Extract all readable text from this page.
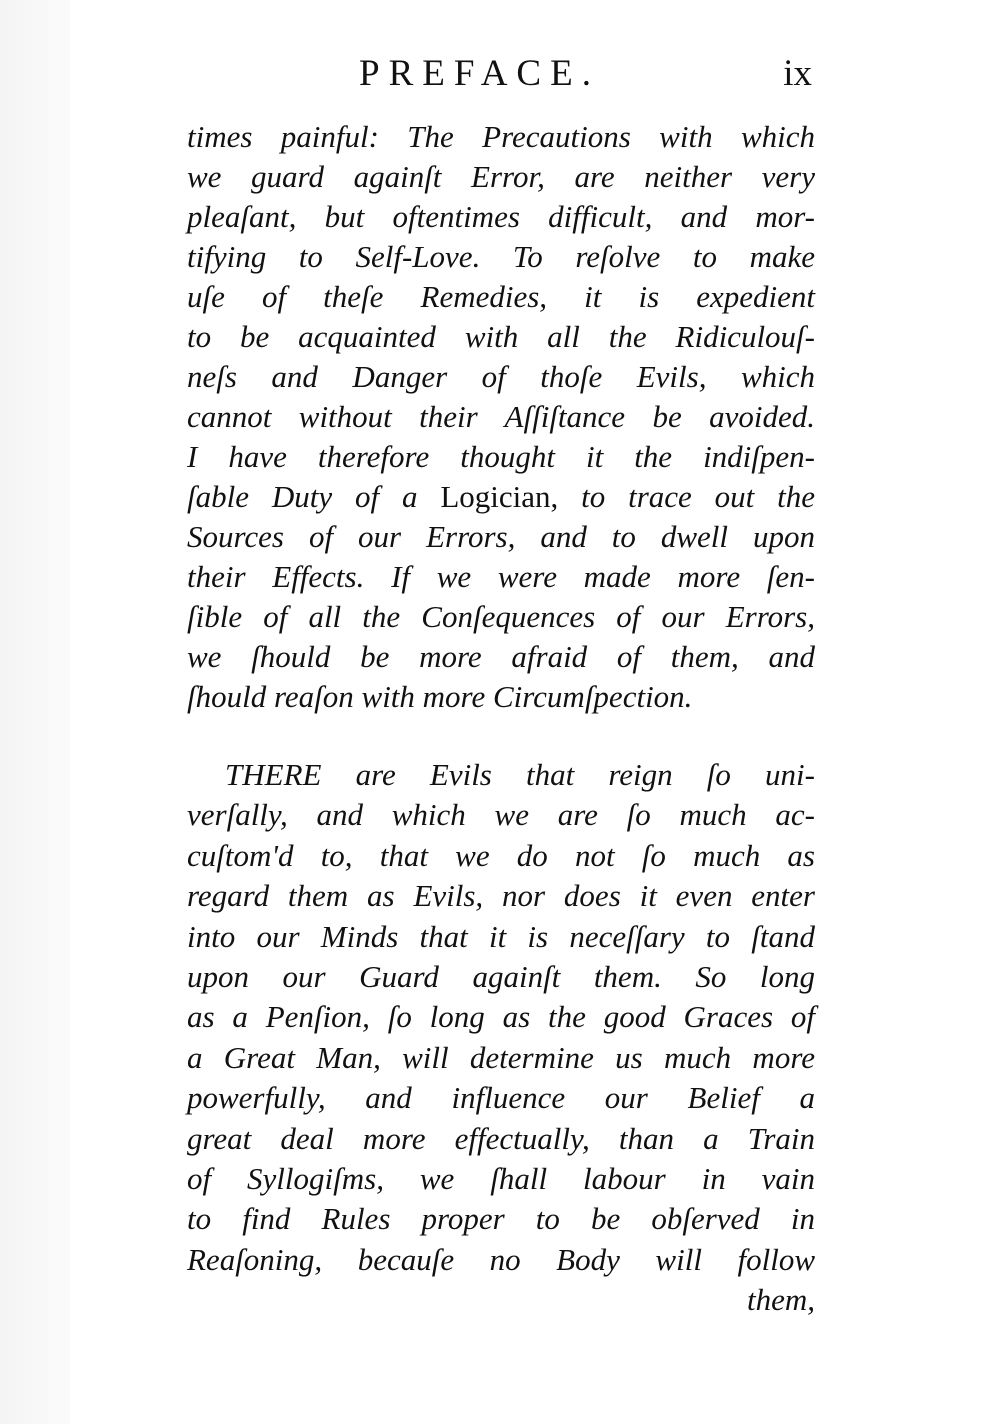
PREFACE.	ix
times painful: The Precautions with which
we guard againſt Error, are neither very
pleaſant, but oftentimes difficult, and mor-
tifying to Self-Love. To reſolve to make
uſe of theſe Remedies, it is expedient
to be acquainted with all the Ridiculouſ-
neſs and Danger of thoſe Evils, which
cannot without their Aſſiſtance be avoided.
I have therefore thought it the indiſpen-
ſable Duty of a Logician, to trace out the
Sources of our Errors, and to dwell upon
their Effects. If we were made more ſen-
ſible of all the Conſequences of our Errors,
we ſhould be more afraid of them, and
ſhould reaſon with more Circumſpection.
THERE are Evils that reign ſo uni-
verſally, and which we are ſo much ac-
cuſtom'd to, that we do not ſo much as
regard them as Evils, nor does it even enter
into our Minds that it is neceſſary to ſtand
upon our Guard againſt them. So long
as a Penſion, ſo long as the good Graces of
a Great Man, will determine us much more
powerfully, and influence our Belief a
great deal more effectually, than a Train
of Syllogiſms, we ſhall labour in vain
to find Rules proper to be obſerved in
Reaſoning, becauſe no Body will follow
them,
